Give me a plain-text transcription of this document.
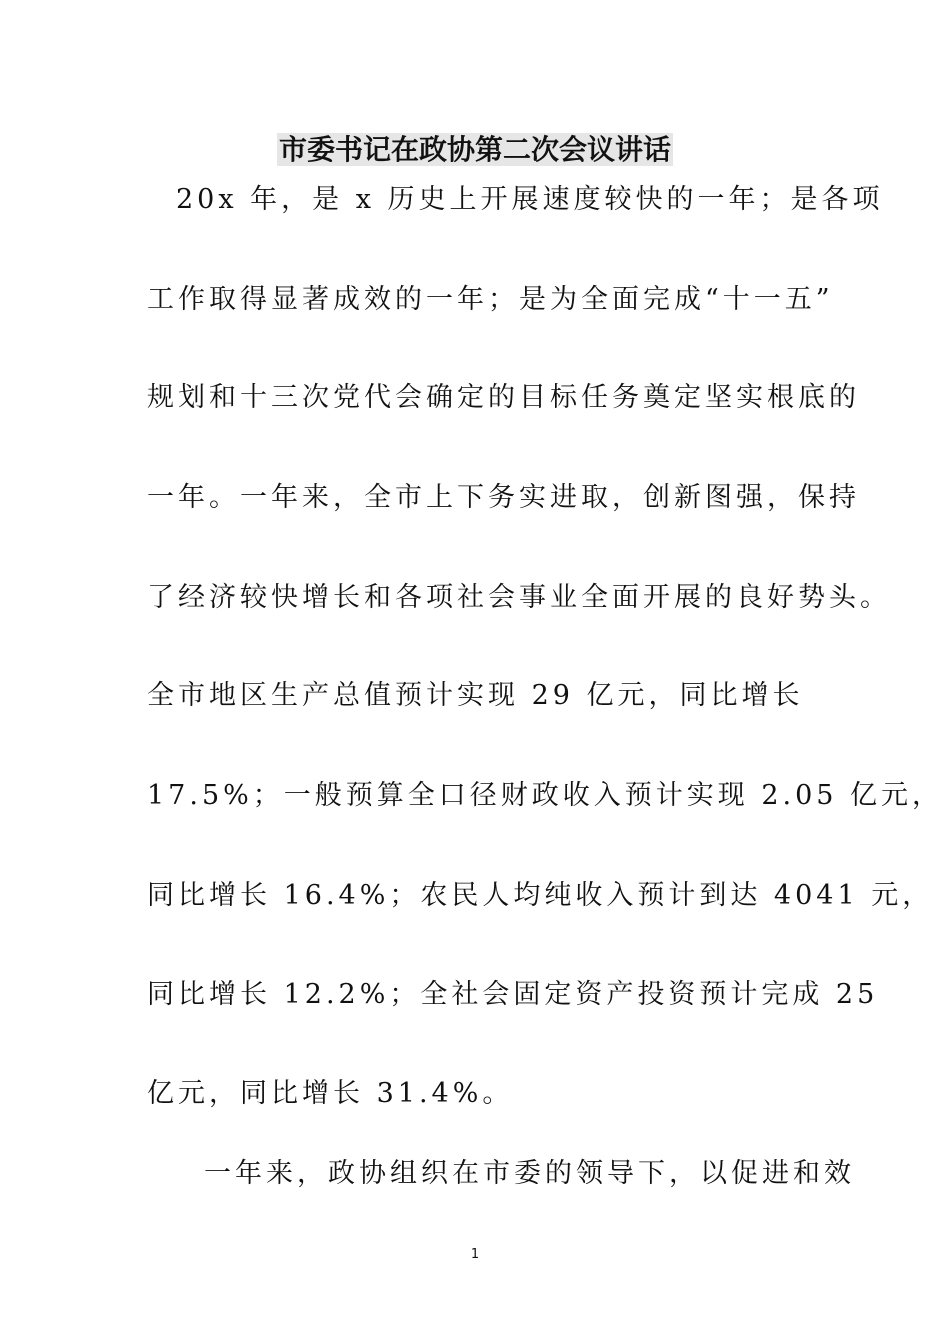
市委书记在政协第二次会议讲话
20x 年，是 x 历史上开展速度较快的一年；是各项
工作取得显著成效的一年；是为全面完成“十一五”
规划和十三次党代会确定的目标任务奠定坚实根底的
一年。一年来，全市上下务实进取，创新图强，保持
了经济较快增长和各项社会事业全面开展的良好势头。
全市地区生产总值预计实现 29 亿元，同比增长
17.5%；一般预算全口径财政收入预计实现 2.05 亿元，
同比增长 16.4%；农民人均纯收入预计到达 4041 元，
同比增长 12.2%；全社会固定资产投资预计完成 25
亿元，同比增长 31.4%。
一年来，政协组织在市委的领导下，以促进和效
1
